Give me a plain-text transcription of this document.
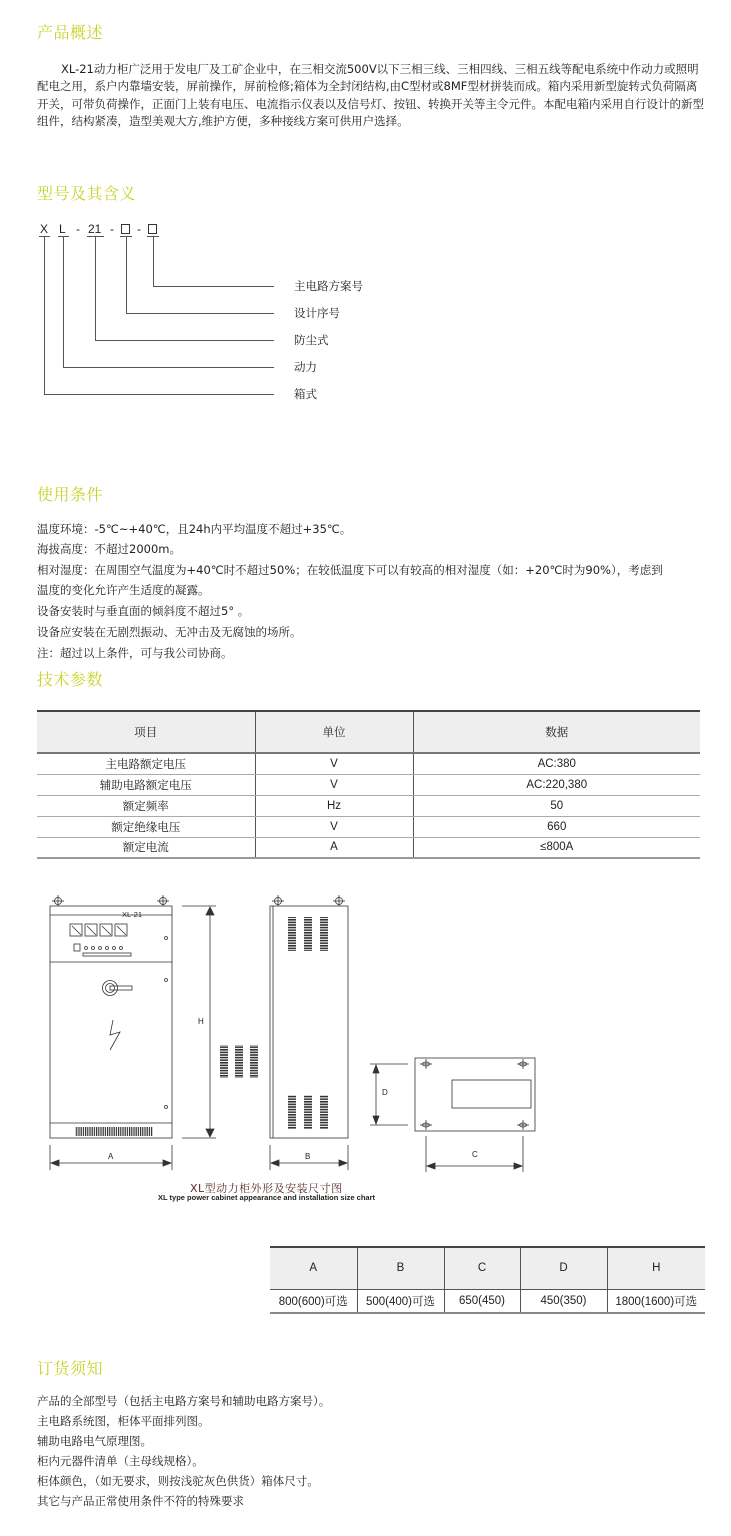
产品概述

XL-21动力柜广泛用于发电厂及工矿企业中，在三相交流500V以下三相三线、三相四线、三相五线等配电系统中作动力或照明配电之用，系户内靠墙安装，屏前操作，屏前检修;箱体为全封闭结构,由C型材或8MF型材拼装而成。箱内采用新型旋转式负荷隔离开关，可带负荷操作，正面门上装有电压、电流指示仪表以及信号灯、按钮、转换开关等主令元件。本配电箱内采用自行设计的新型组件，结构紧凑，造型美观大方,维护方便，多种接线方案可供用户选择。

型号及其含义
X L - 21 - -
主电路方案号
设计序号
防尘式
动力
箱式
使用条件
温度环境：-5℃~+40℃，且24h内平均温度不超过+35℃。
海拔高度：不超过2000m。
相对湿度：在周围空气温度为+40℃时不超过50%；在较低温度下可以有较高的相对湿度（如：+20℃时为90%），考虑到
温度的变化允许产生适度的凝露。
设备安装时与垂直面的倾斜度不超过5° 。
设备应安装在无剧烈振动、无冲击及无腐蚀的场所。
注：超过以上条件，可与我公司协商。
技术参数
项目	单位	数据
主电路额定电压	V	AC:380
辅助电路额定电压	V	AC:220,380
额定频率	Hz	50
额定绝缘电压	V	660
额定电流	A	≤800A
XL-21
H
A	B
D
C
XL型动力柜外形及安装尺寸图
XL type power cabinet appearance and installation size chart
A	B	C	D	H
800(600)可选	500(400)可选	650(450)	450(350)	1800(1600)可选
订货须知
产品的全部型号（包括主电路方案号和辅助电路方案号）。
主电路系统图，柜体平面排列图。
辅助电路电气原理图。
柜内元器件清单（主母线规格）。
柜体颜色，（如无要求，则按浅驼灰色供货）箱体尺寸。
其它与产品正常使用条件不符的特殊要求
